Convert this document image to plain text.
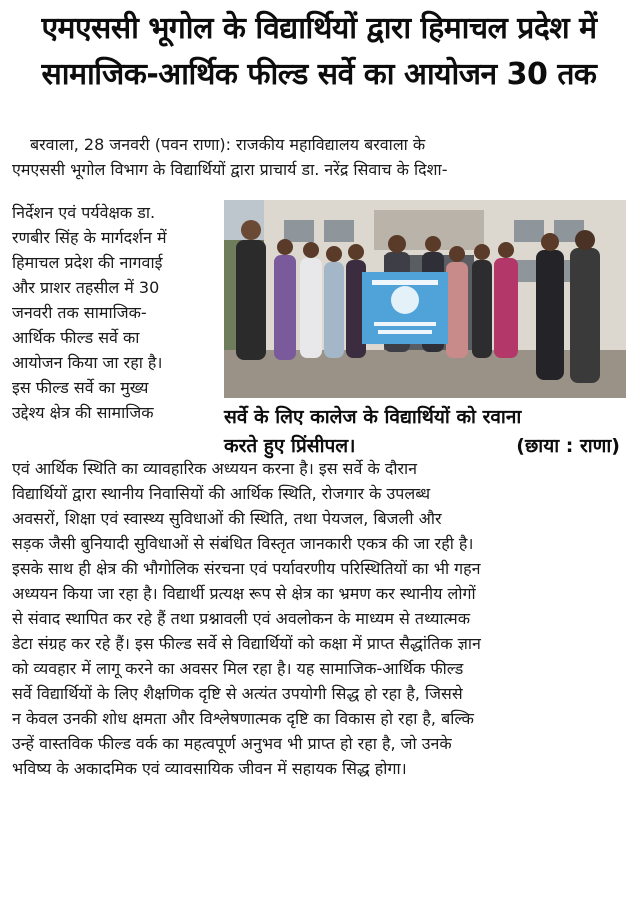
एमएससी भूगोल के विद्यार्थियों द्वारा हिमाचल प्रदेश में
सामाजिक-आर्थिक फील्ड सर्वे का आयोजन 30 तक
बरवाला, 28 जनवरी (पवन राणा): राजकीय महाविद्यालय बरवाला के
एमएससी भूगोल विभाग के विद्यार्थियों द्वारा प्राचार्य डा. नरेंद्र सिवाच के दिशा-
निर्देशन एवं पर्यवेक्षक डा.
रणबीर सिंह के मार्गदर्शन में
हिमाचल प्रदेश की नागवाई
और प्राशर तहसील में 30
जनवरी तक सामाजिक-
आर्थिक फील्ड सर्वे का
आयोजन किया जा रहा है।
इस फील्ड सर्वे का मुख्य
उद्देश्य क्षेत्र की सामाजिक	सर्वे के लिए कालेज के विद्यार्थियों को रवाना
करते हुए प्रिंसीपल।	(छाया : राणा)
एवं आर्थिक स्थिति का व्यावहारिक अध्ययन करना है। इस सर्वे के दौरान
विद्यार्थियों द्वारा स्थानीय निवासियों की आर्थिक स्थिति, रोजगार के उपलब्ध
अवसरों, शिक्षा एवं स्वास्थ्य सुविधाओं की स्थिति, तथा पेयजल, बिजली और
सड़क जैसी बुनियादी सुविधाओं से संबंधित विस्तृत जानकारी एकत्र की जा रही है।
इसके साथ ही क्षेत्र की भौगोलिक संरचना एवं पर्यावरणीय परिस्थितियों का भी गहन
अध्ययन किया जा रहा है। विद्यार्थी प्रत्यक्ष रूप से क्षेत्र का भ्रमण कर स्थानीय लोगों
से संवाद स्थापित कर रहे हैं तथा प्रश्नावली एवं अवलोकन के माध्यम से तथ्यात्मक
डेटा संग्रह कर रहे हैं। इस फील्ड सर्वे से विद्यार्थियों को कक्षा में प्राप्त सैद्धांतिक ज्ञान
को व्यवहार में लागू करने का अवसर मिल रहा है। यह सामाजिक-आर्थिक फील्ड
सर्वे विद्यार्थियों के लिए शैक्षणिक दृष्टि से अत्यंत उपयोगी सिद्ध हो रहा है, जिससे
न केवल उनकी शोध क्षमता और विश्लेषणात्मक दृष्टि का विकास हो रहा है, बल्कि
उन्हें वास्तविक फील्ड वर्क का महत्वपूर्ण अनुभव भी प्राप्त हो रहा है, जो उनके
भविष्य के अकादमिक एवं व्यावसायिक जीवन में सहायक सिद्ध होगा।
